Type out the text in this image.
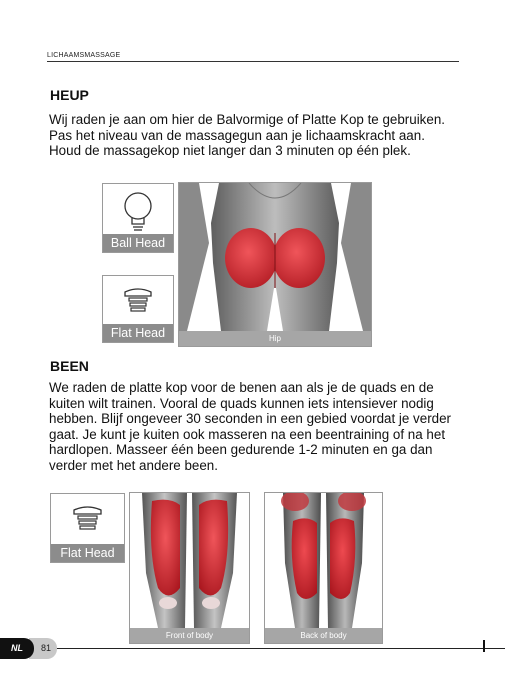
LICHAAMSMASSAGE
HEUP
Wij raden je aan om hier de Balvormige of Platte Kop te gebruiken. Pas het niveau van de massagegun aan je lichaamskracht aan. Houd de massagekop niet langer dan 3 minuten op één plek.
Ball Head
Flat Head	Hip
BEEN
We raden de platte kop voor de benen aan als je de quads en de kuiten wilt trainen. Vooral de quads kunnen iets intensiever nodig hebben. Blijf ongeveer 30 seconden in een gebied voordat je verder gaat. Je kunt je kuiten ook masseren na een beentraining of na het hardlopen. Masseer één been gedurende 1-2 minuten en ga dan verder met het andere been.
Flat Head
Front of body	Back of body
81
NL
